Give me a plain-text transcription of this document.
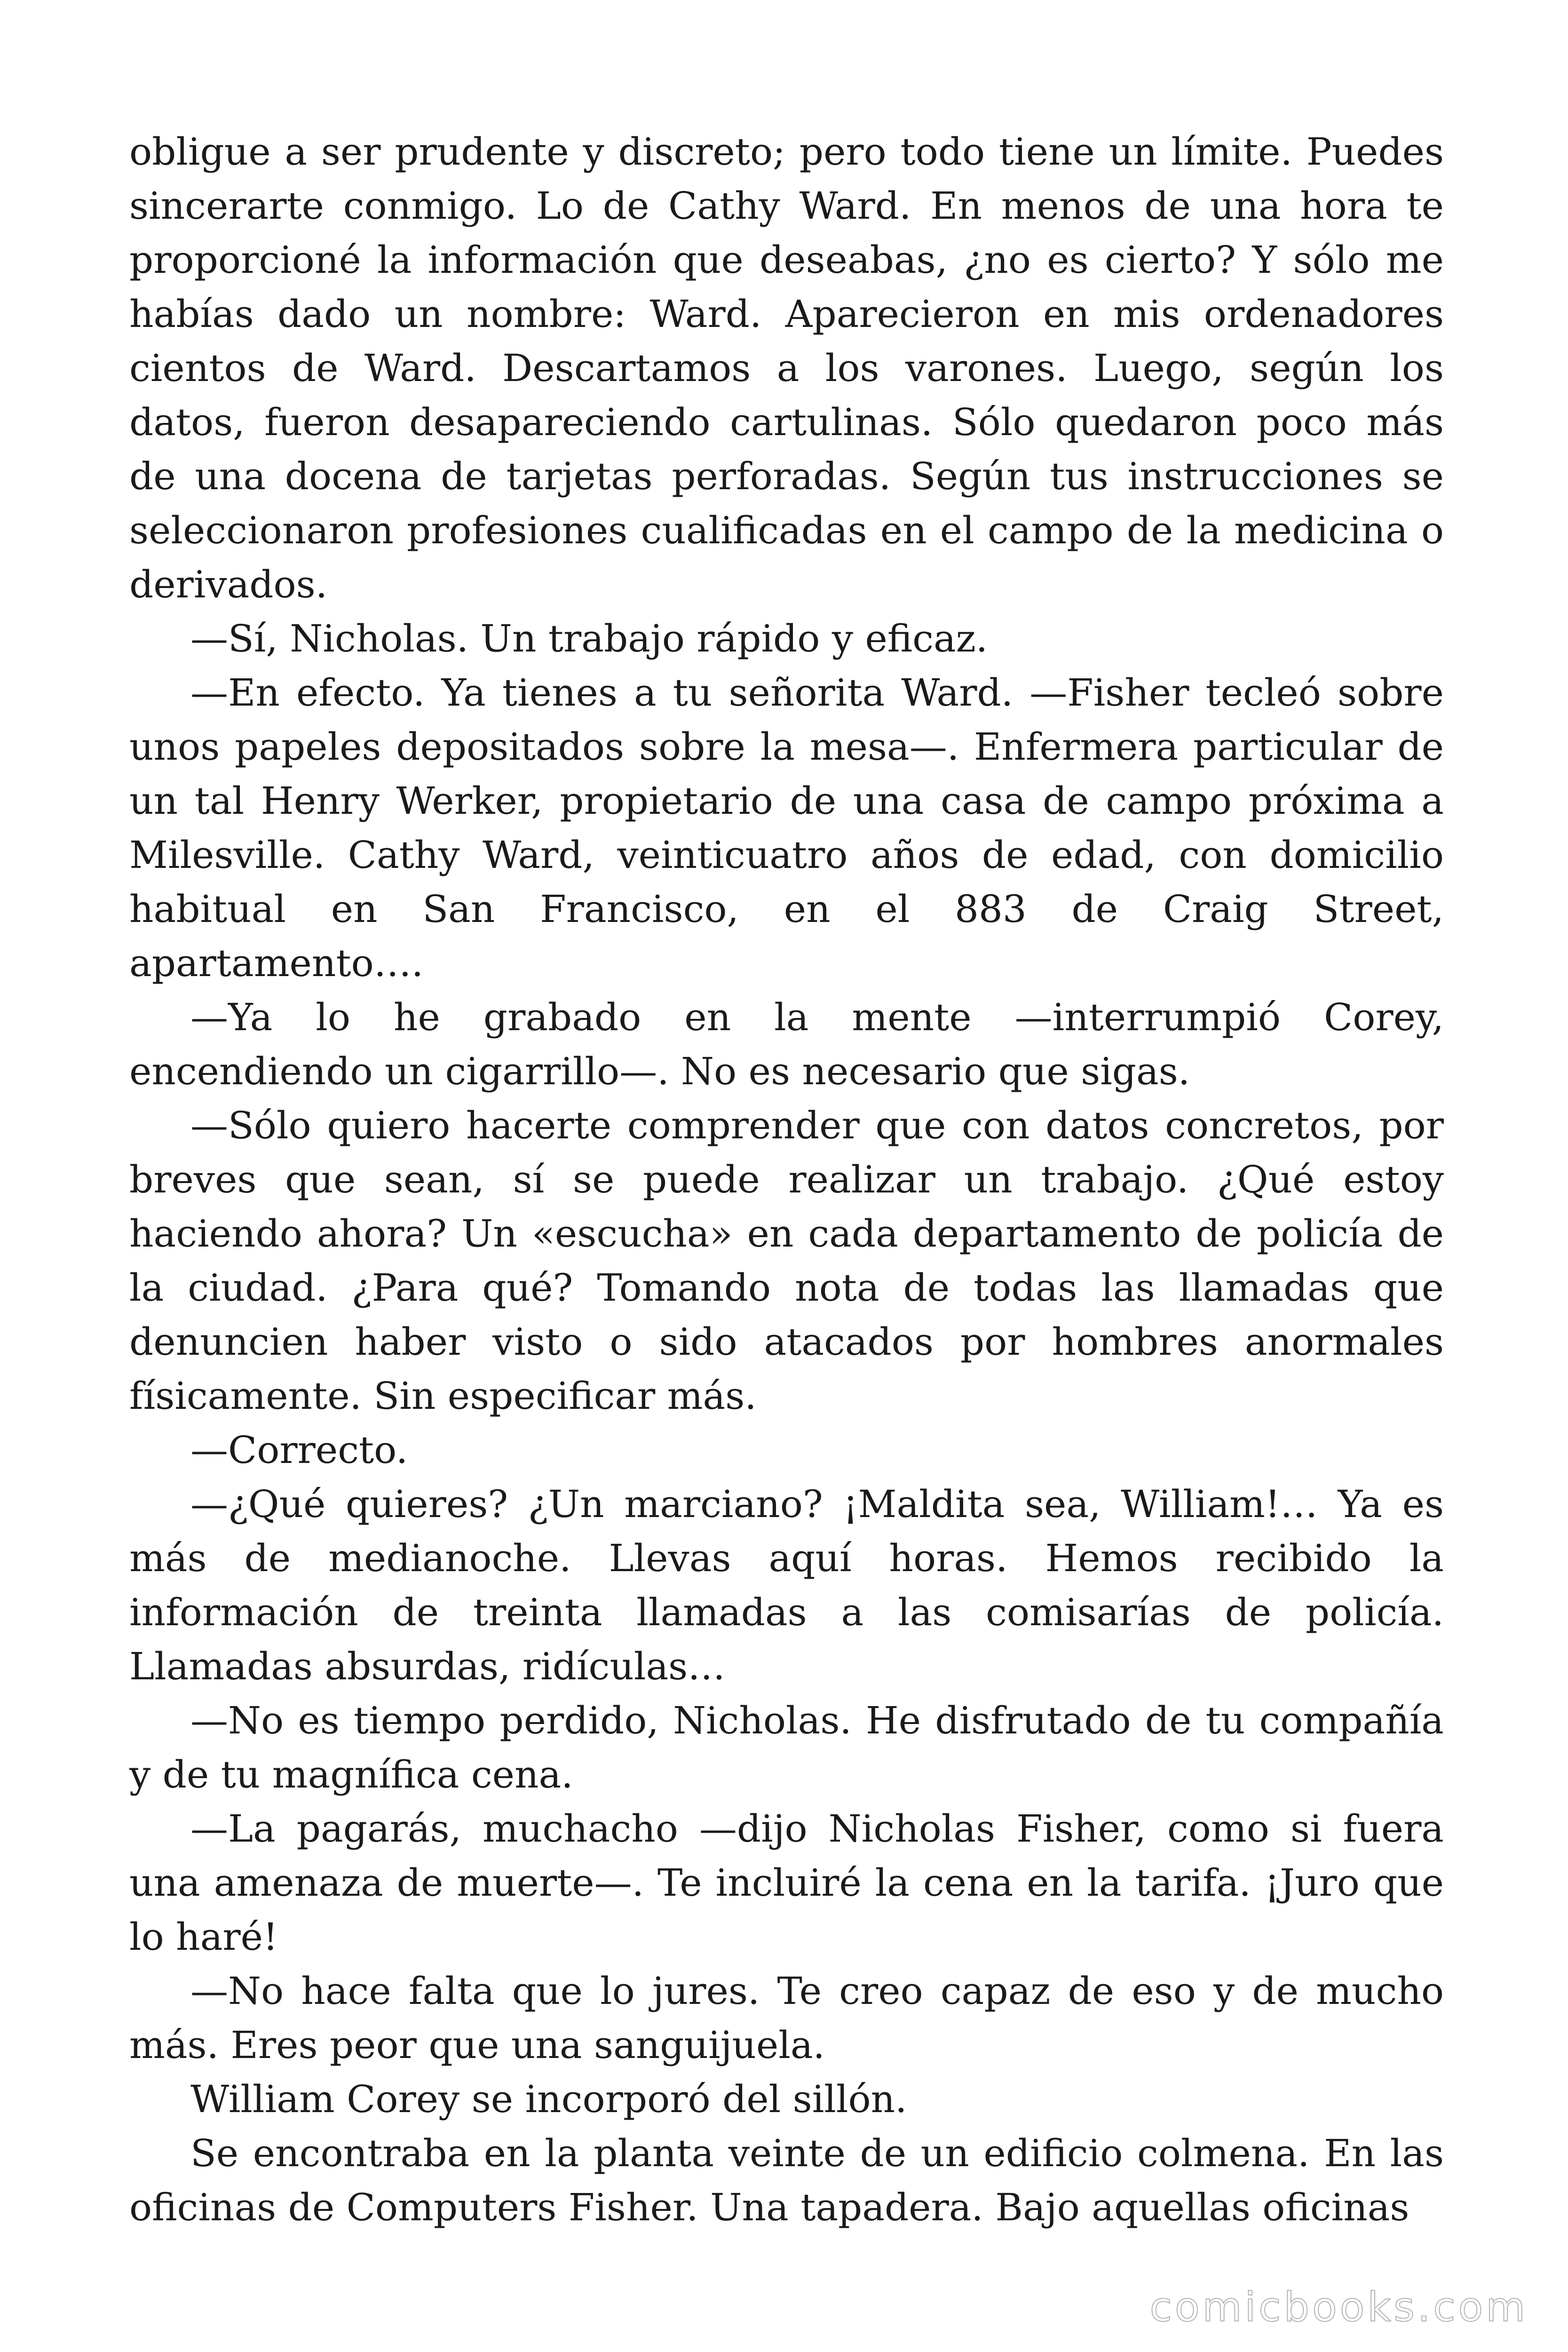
obligue a ser prudente y discreto; pero todo tiene un límite. Puedes sincerarte conmigo. Lo de Cathy Ward. En menos de una hora te proporcioné la información que deseabas, ¿no es cierto? Y sólo me habías dado un nombre: Ward. Aparecieron en mis ordenadores cientos de Ward. Descartamos a los varones. Luego, según los datos, fueron desapareciendo cartulinas. Sólo quedaron poco más de una docena de tarjetas perforadas. Según tus instrucciones se seleccionaron profesiones cualificadas en el campo de la medicina o derivados.

—Sí, Nicholas. Un trabajo rápido y eficaz.

—En efecto. Ya tienes a tu señorita Ward. —Fisher tecleó sobre unos papeles depositados sobre la mesa—. Enfermera particular de un tal Henry Werker, propietario de una casa de campo próxima a Milesville. Cathy Ward, veinticuatro años de edad, con domicilio habitual en San Francisco, en el 883 de Craig Street, apartamento….

—Ya lo he grabado en la mente —interrumpió Corey, encendiendo un cigarrillo—. No es necesario que sigas.

—Sólo quiero hacerte comprender que con datos concretos, por breves que sean, sí se puede realizar un trabajo. ¿Qué estoy haciendo ahora? Un «escucha» en cada departamento de policía de la ciudad. ¿Para qué? Tomando nota de todas las llamadas que denuncien haber visto o sido atacados por hombres anormales físicamente. Sin especificar más.

—Correcto.

—¿Qué quieres? ¿Un marciano? ¡Maldita sea, William!… Ya es más de medianoche. Llevas aquí horas. Hemos recibido la información de treinta llamadas a las comisarías de policía. Llamadas absurdas, ridículas…

—No es tiempo perdido, Nicholas. He disfrutado de tu compañía y de tu magnífica cena.

—La pagarás, muchacho —dijo Nicholas Fisher, como si fuera una amenaza de muerte—. Te incluiré la cena en la tarifa. ¡Juro que lo haré!

—No hace falta que lo jures. Te creo capaz de eso y de mucho más. Eres peor que una sanguijuela.

William Corey se incorporó del sillón.

Se encontraba en la planta veinte de un edificio colmena. En las oficinas de Computers Fisher. Una tapadera. Bajo aquellas oficinas

comicbooks.com
